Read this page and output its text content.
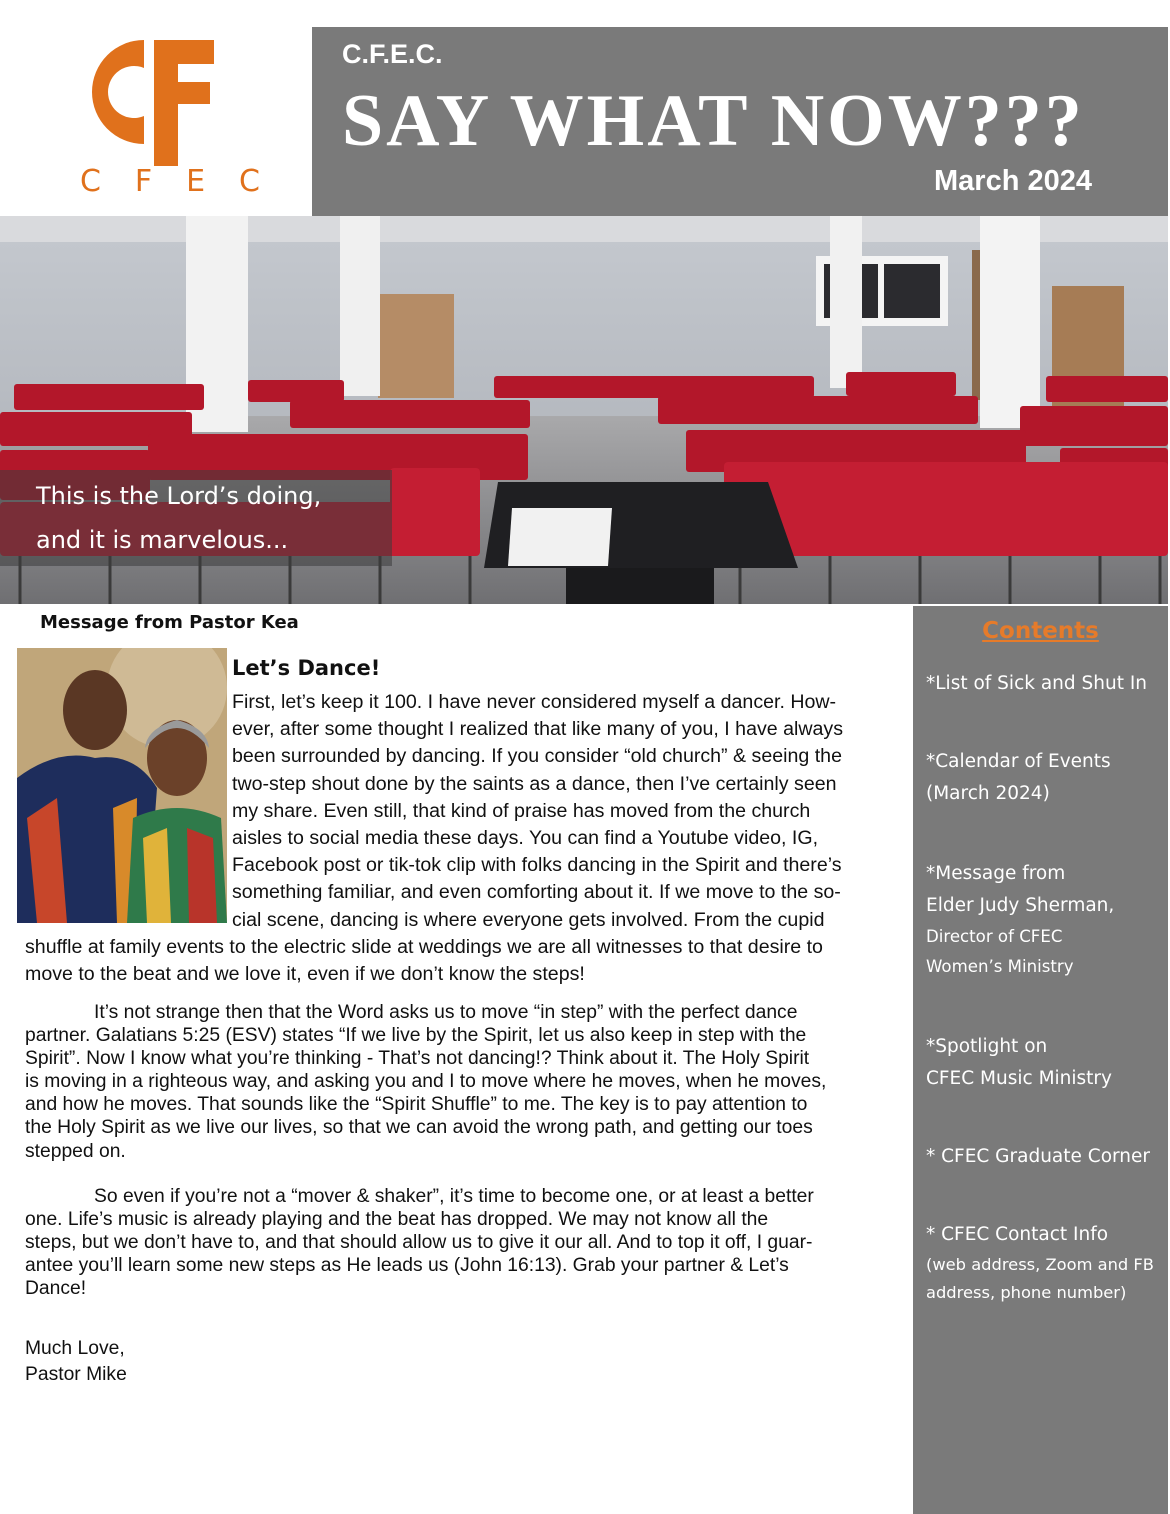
C F E C
C.F.E.C.
SAY WHAT NOW???
March 2024
This is the Lord’s doing,
and it is marvelous...
Message from Pastor Kea
Let’s Dance!
First, let’s keep it 100. I have never considered myself a dancer. How-
ever, after some thought I realized that like many of you, I have always
been surrounded by dancing. If you consider “old church” & seeing the
two-step shout done by the saints as a dance, then I’ve certainly seen
my share. Even still, that kind of praise has moved from the church
aisles to social media these days. You can find a Youtube video, IG,
Facebook post or tik-tok clip with folks dancing in the Spirit and there’s
something familiar, and even comforting about it. If we move to the so-
cial scene, dancing is where everyone gets involved. From the cupid
shuffle at family events to the electric slide at weddings we are all witnesses to that desire to
move to the beat and we love it, even if we don’t know the steps!
It’s not strange then that the Word asks us to move “in step” with the perfect dance
partner. Galatians 5:25 (ESV) states “If we live by the Spirit, let us also keep in step with the
Spirit”. Now I know what you’re thinking - That’s not dancing!? Think about it. The Holy Spirit
is moving in a righteous way, and asking you and I to move where he moves, when he moves,
and how he moves. That sounds like the “Spirit Shuffle” to me. The key is to pay attention to
the Holy Spirit as we live our lives, so that we can avoid the wrong path, and getting our toes
stepped on.
So even if you’re not a “mover & shaker”, it’s time to become one, or at least a better
one. Life’s music is already playing and the beat has dropped. We may not know all the
steps, but we don’t have to, and that should allow us to give it our all. And to top it off, I guar-
antee you’ll learn some new steps as He leads us (John 16:13). Grab your partner & Let’s
Dance!
Much Love,
Pastor Mike
Contents
*List of Sick and Shut In
*Calendar of Events
(March 2024)
*Message from
Elder Judy Sherman,
Director of CFEC
Women’s Ministry
*Spotlight on
CFEC Music Ministry
* CFEC Graduate Corner
* CFEC Contact Info
(web address, Zoom and FB
address, phone number)
